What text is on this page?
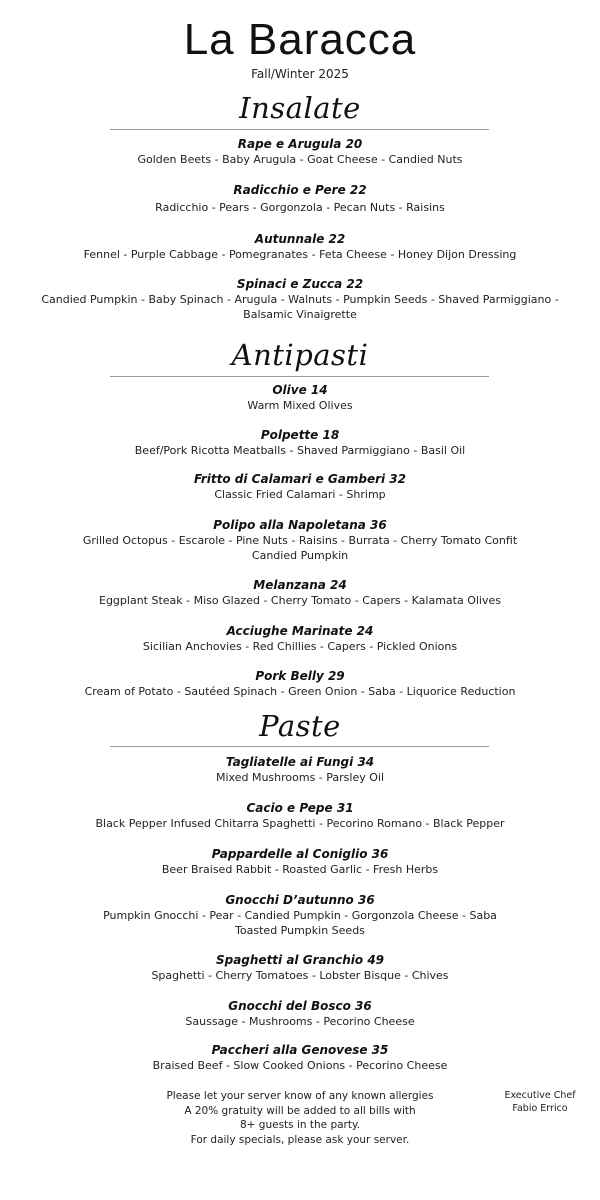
La Baracca
Fall/Winter 2025
Insalate
Rape e Arugula 20
Golden Beets - Baby Arugula - Goat Cheese - Candied Nuts
Radicchio e Pere 22
Radicchio - Pears - Gorgonzola - Pecan Nuts - Raisins
Autunnale 22
Fennel - Purple Cabbage - Pomegranates - Feta Cheese - Honey Dijon Dressing
Spinaci e Zucca 22
Candied Pumpkin - Baby Spinach - Arugula - Walnuts - Pumpkin Seeds - Shaved Parmiggiano -
Balsamic Vinaigrette
Antipasti
Olive 14
Warm Mixed Olives
Polpette 18
Beef/Pork Ricotta Meatballs - Shaved Parmiggiano - Basil Oil
Fritto di Calamari e Gamberi 32
Classic Fried Calamari - Shrimp
Polipo alla Napoletana 36
Grilled Octopus - Escarole - Pine Nuts - Raisins - Burrata - Cherry Tomato Confit
Candied Pumpkin
Melanzana 24
Eggplant Steak - Miso Glazed - Cherry Tomato - Capers - Kalamata Olives
Acciughe Marinate 24
Sicilian Anchovies - Red Chillies - Capers - Pickled Onions
Pork Belly 29
Cream of Potato - Sautéed Spinach - Green Onion - Saba - Liquorice Reduction
Paste
Tagliatelle ai Fungi 34
Mixed Mushrooms - Parsley Oil
Cacio e Pepe 31
Black Pepper Infused Chitarra Spaghetti - Pecorino Romano - Black Pepper
Pappardelle al Coniglio 36
Beer Braised Rabbit - Roasted Garlic - Fresh Herbs
Gnocchi D’autunno 36
Pumpkin Gnocchi - Pear - Candied Pumpkin - Gorgonzola Cheese - Saba
Toasted Pumpkin Seeds
Spaghetti al Granchio 49
Spaghetti - Cherry Tomatoes - Lobster Bisque - Chives
Gnocchi del Bosco 36
Saussage - Mushrooms - Pecorino Cheese
Paccheri alla Genovese 35
Braised Beef - Slow Cooked Onions - Pecorino Cheese
Please let your server know of any known allergies
A 20% gratuity will be added to all bills with
8+ guests in the party.
For daily specials, please ask your server.
Executive Chef
Fabio Errico
